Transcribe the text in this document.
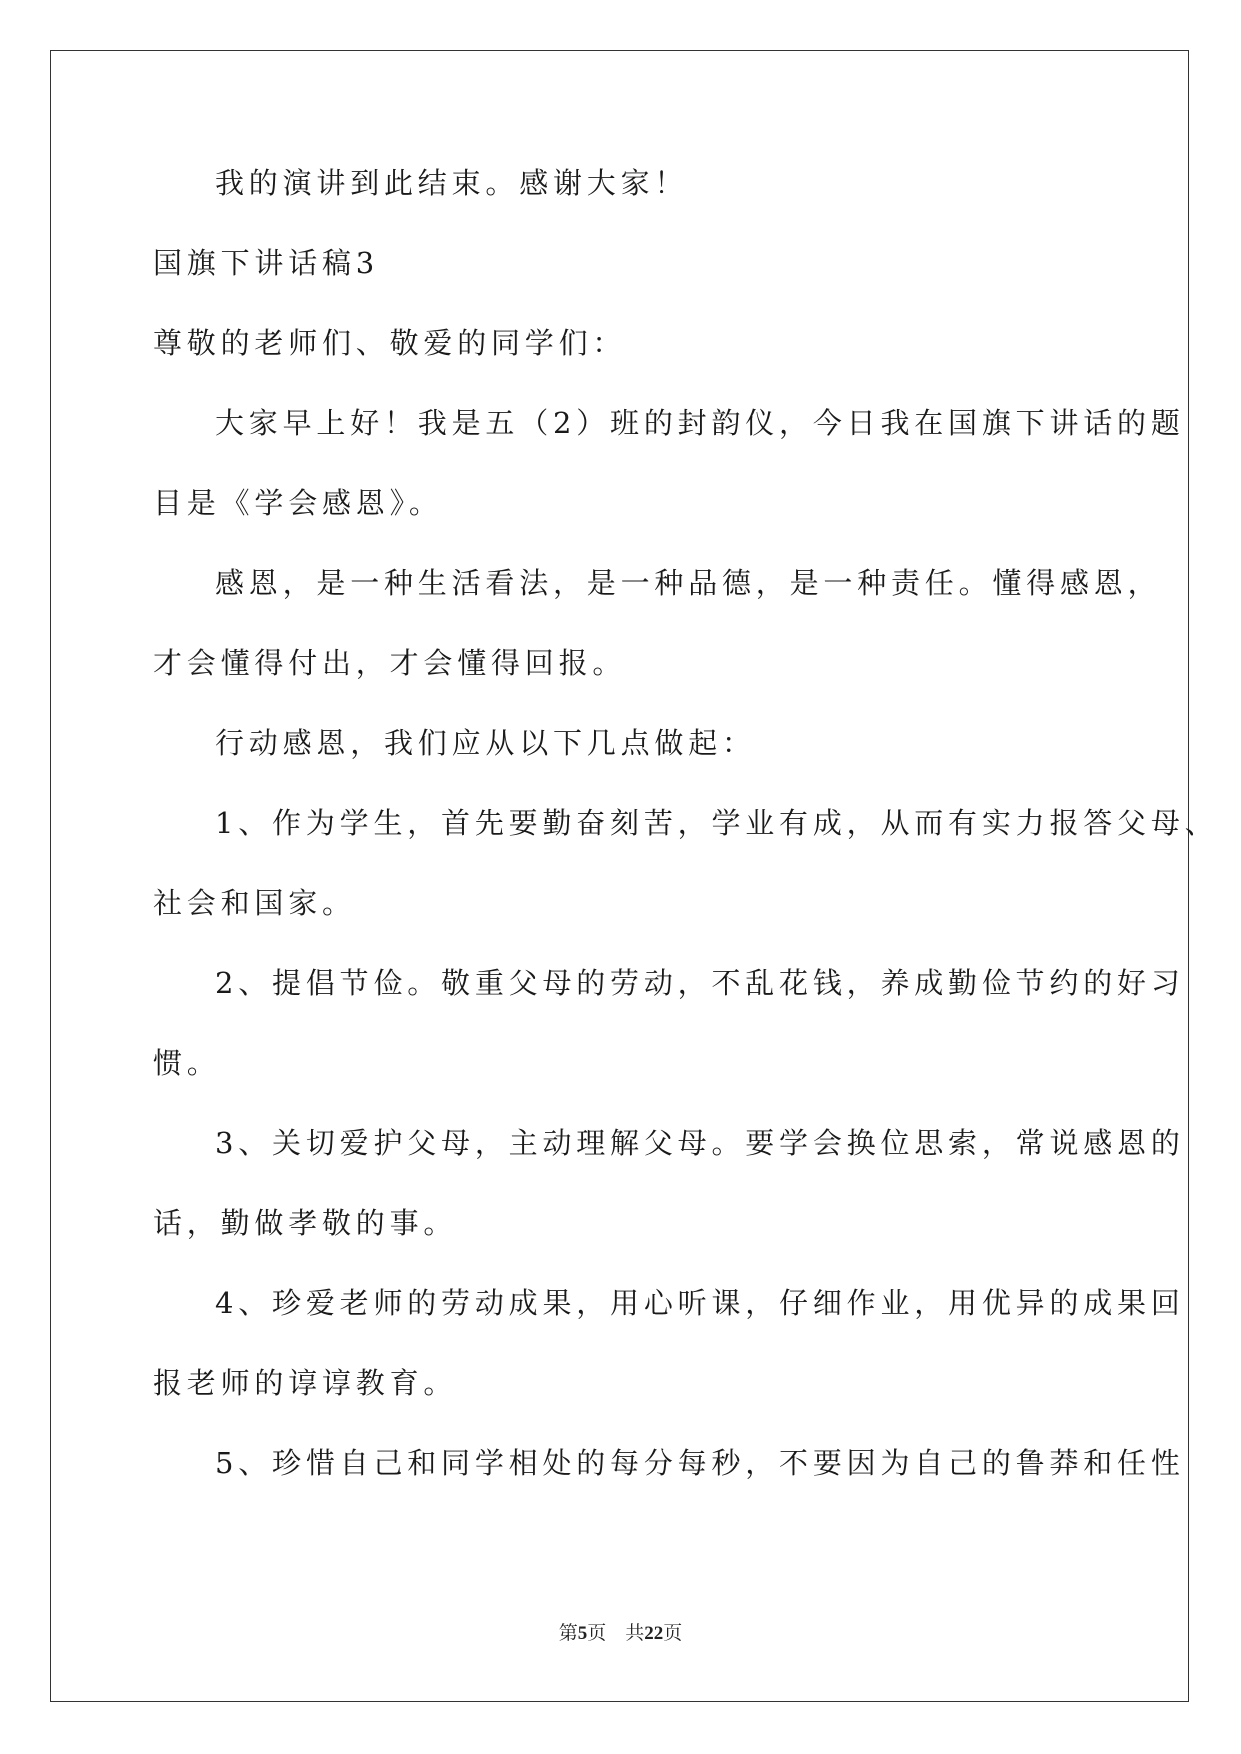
我的演讲到此结束。感谢大家！
国旗下讲话稿3
尊敬的老师们、敬爱的同学们：
大家早上好！我是五（2）班的封韵仪，今日我在国旗下讲话的题
目是《学会感恩》。
感恩，是一种生活看法，是一种品德，是一种责任。懂得感恩，
才会懂得付出，才会懂得回报。
行动感恩，我们应从以下几点做起：
1、作为学生，首先要勤奋刻苦，学业有成，从而有实力报答父母、
社会和国家。
2、提倡节俭。敬重父母的劳动，不乱花钱，养成勤俭节约的好习
惯。
3、关切爱护父母，主动理解父母。要学会换位思索，常说感恩的
话，勤做孝敬的事。
4、珍爱老师的劳动成果，用心听课，仔细作业，用优异的成果回
报老师的谆谆教育。
5、珍惜自己和同学相处的每分每秒，不要因为自己的鲁莽和任性
第5页 共22页
